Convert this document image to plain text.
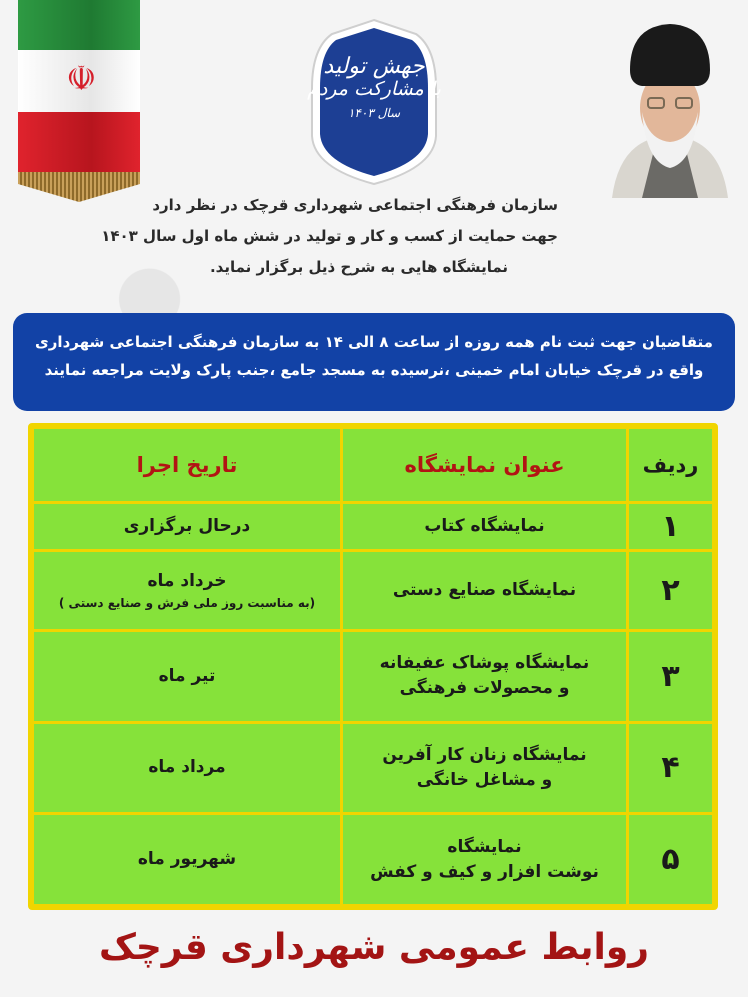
☫	جهش تولید
با مشارکت مردم
سال ۱۴۰۳
سازمان فرهنگی اجتماعی شهرداری قرچک در نظر دارد
جهت حمایت از کسب و کار و تولید در شش ماه اول سال ۱۴۰۳
نمایشگاه هایی به شرح ذیل برگزار نماید.
متقاضیان جهت ثبت نام همه روزه از ساعت ۸ الی ۱۴ به سازمان فرهنگی اجتماعی شهرداری
واقع در قرچک خیابان امام خمینی ،نرسیده به مسجد جامع ،جنب پارک ولایت مراجعه نمایند
ردیف	عنوان نمایشگاه	تاریخ اجرا
۱	نمایشگاه کتاب	درحال برگزاری
۲	نمایشگاه صنایع دستی	خرداد ماه
(به مناسبت روز ملی فرش و صنایع دستی )

۳	نمایشگاه پوشاک عفیفانه
و محصولات فرهنگی	تیر ماه
۴	نمایشگاه زنان کار آفرین
و مشاغل خانگی	مرداد ماه
۵	نمایشگاه
نوشت افزار و کیف و کفش	شهریور ماه
روابط عمومی شهرداری قرچک
